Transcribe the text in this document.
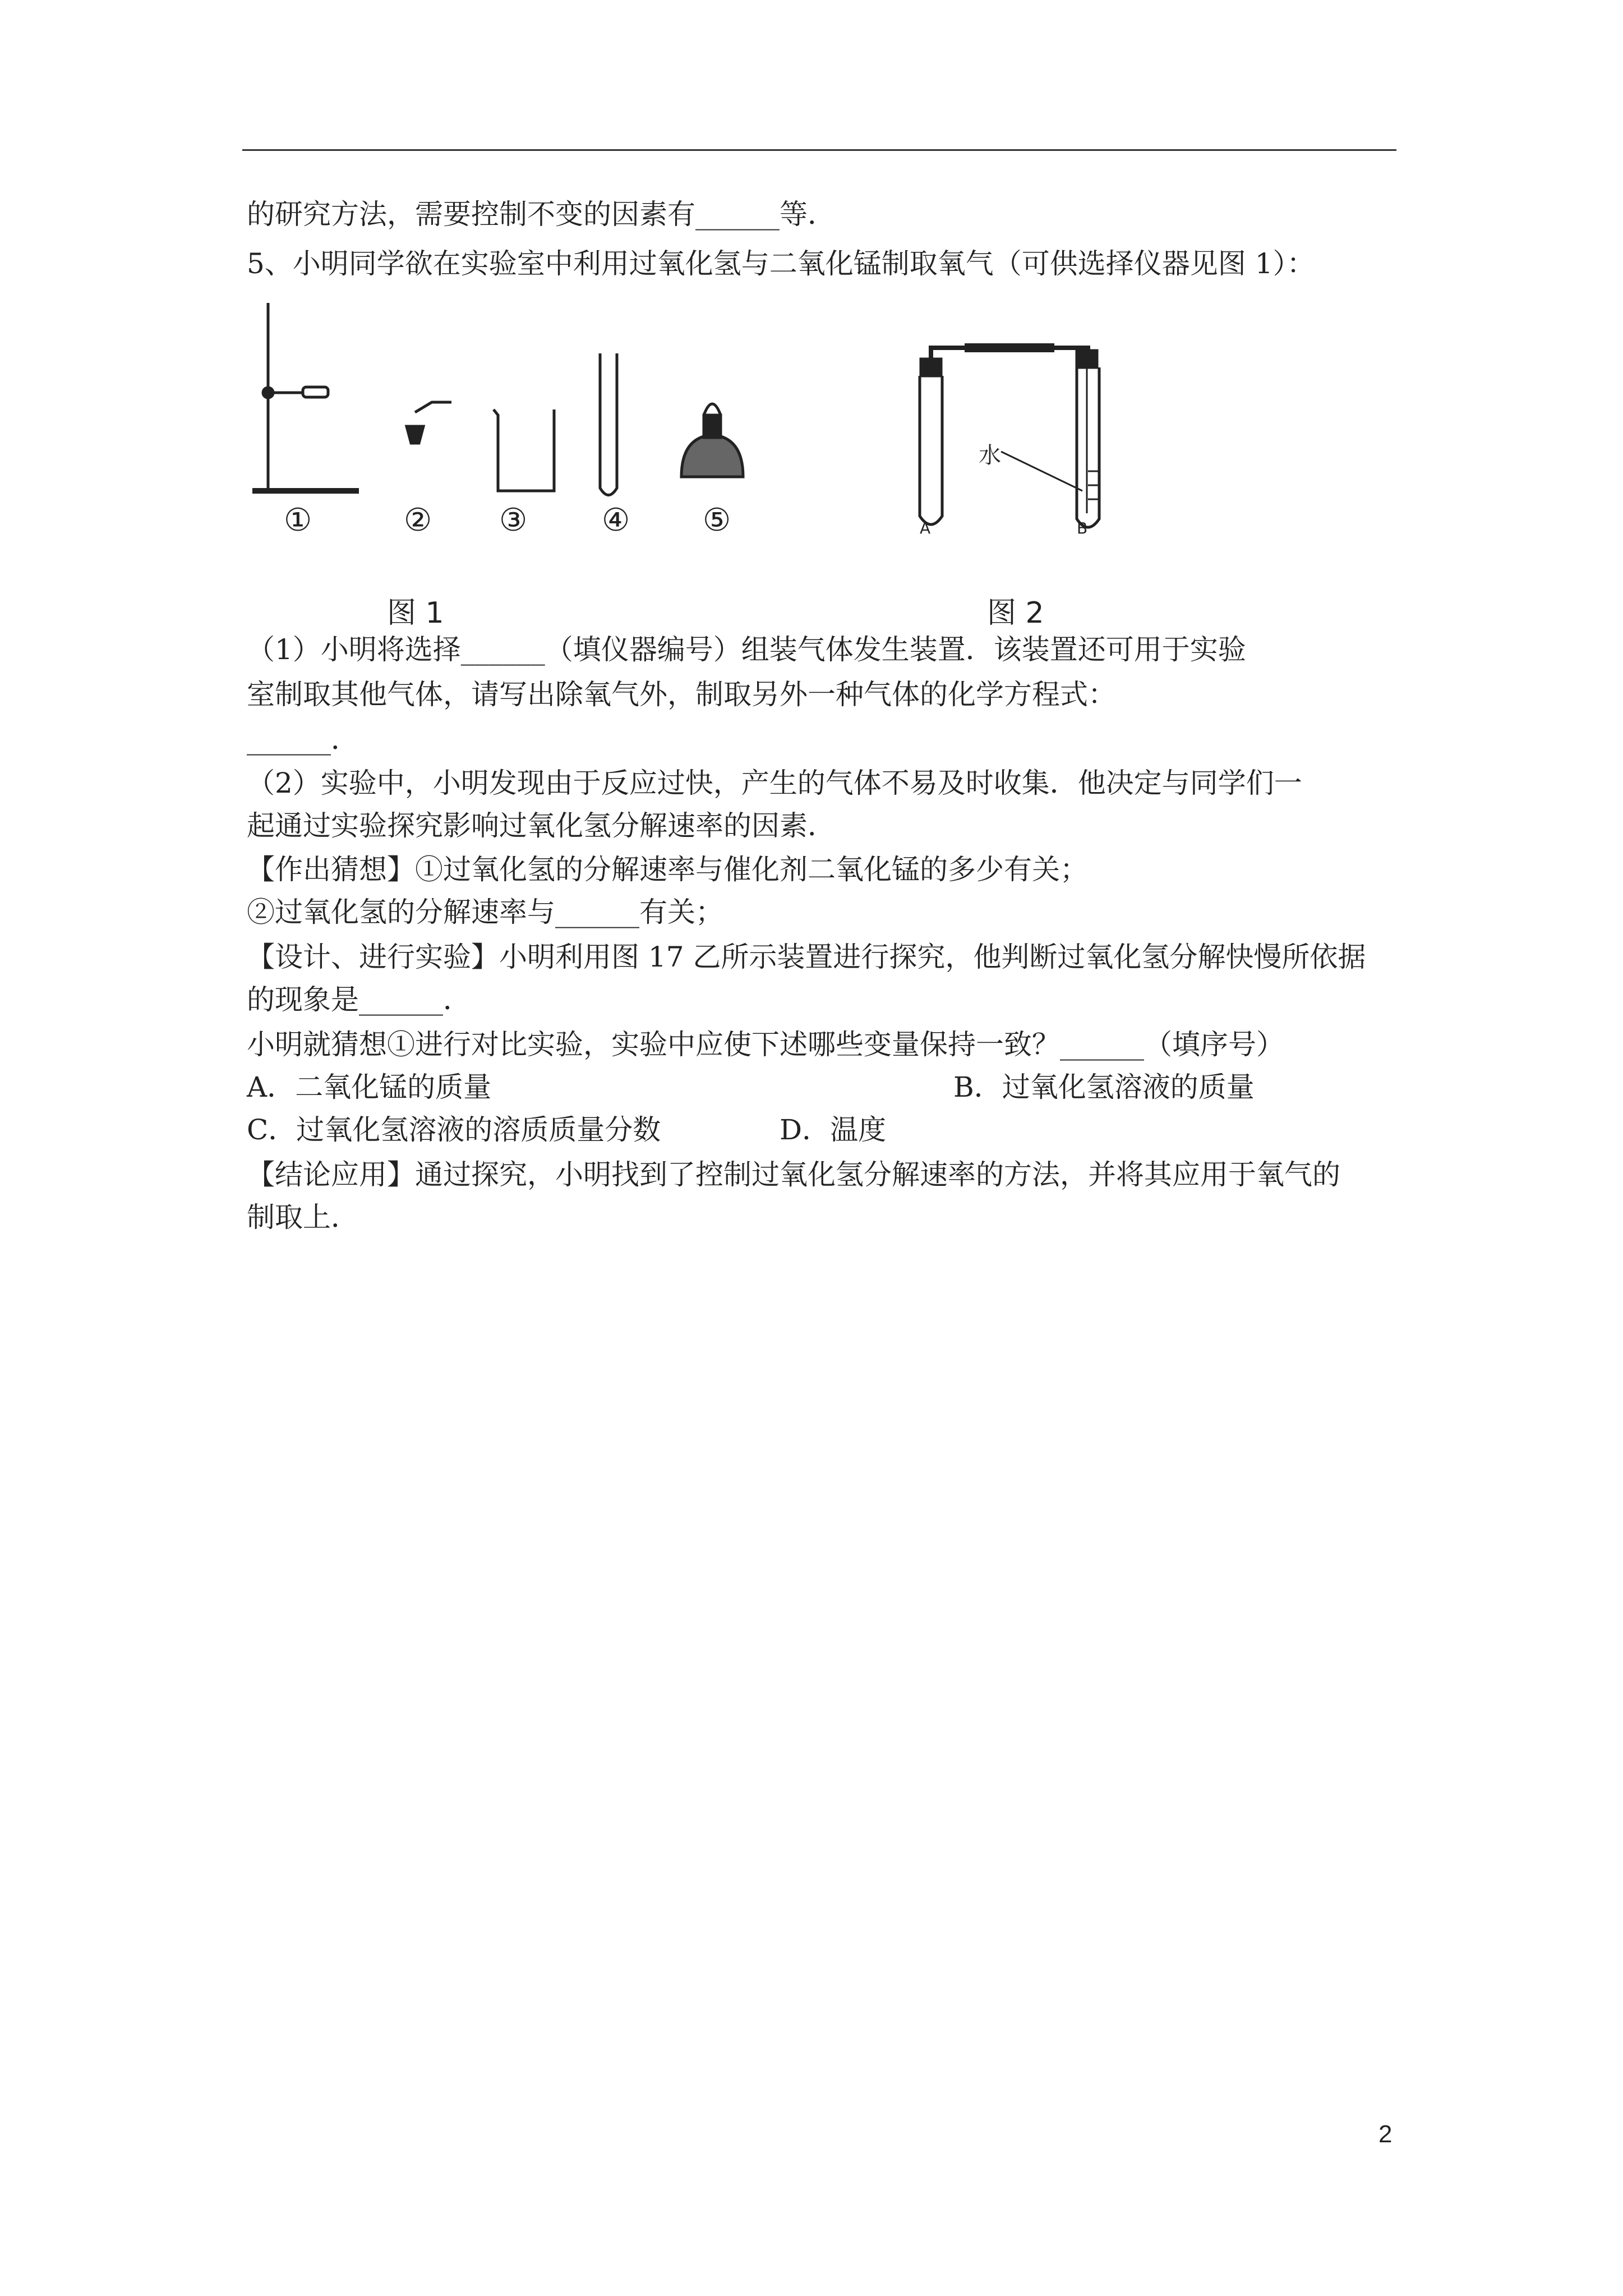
的研究方法，需要控制不变的因素有______等．
5、小明同学欲在实验室中利用过氧化氢与二氧化锰制取氧气（可供选择仪器见图 1）：
①	② ③ ④ ⑤
图 1
水
A	B
图 2
（1）小明将选择______（填仪器编号）组装气体发生装置．该装置还可用于实验
室制取其他气体，请写出除氧气外，制取另外一种气体的化学方程式：
______．
（2）实验中，小明发现由于反应过快，产生的气体不易及时收集．他决定与同学们一
起通过实验探究影响过氧化氢分解速率的因素．
【作出猜想】①过氧化氢的分解速率与催化剂二氧化锰的多少有关；
②过氧化氢的分解速率与______有关；
【设计、进行实验】小明利用图 17 乙所示装置进行探究，他判断过氧化氢分解快慢所依据
的现象是______．
小明就猜想①进行对比实验，实验中应使下述哪些变量保持一致？______（填序号）
A．二氧化锰的质量	B．过氧化氢溶液的质量
C．过氧化氢溶液的溶质质量分数	D．温度
【结论应用】通过探究，小明找到了控制过氧化氢分解速率的方法，并将其应用于氧气的
制取上．
2
